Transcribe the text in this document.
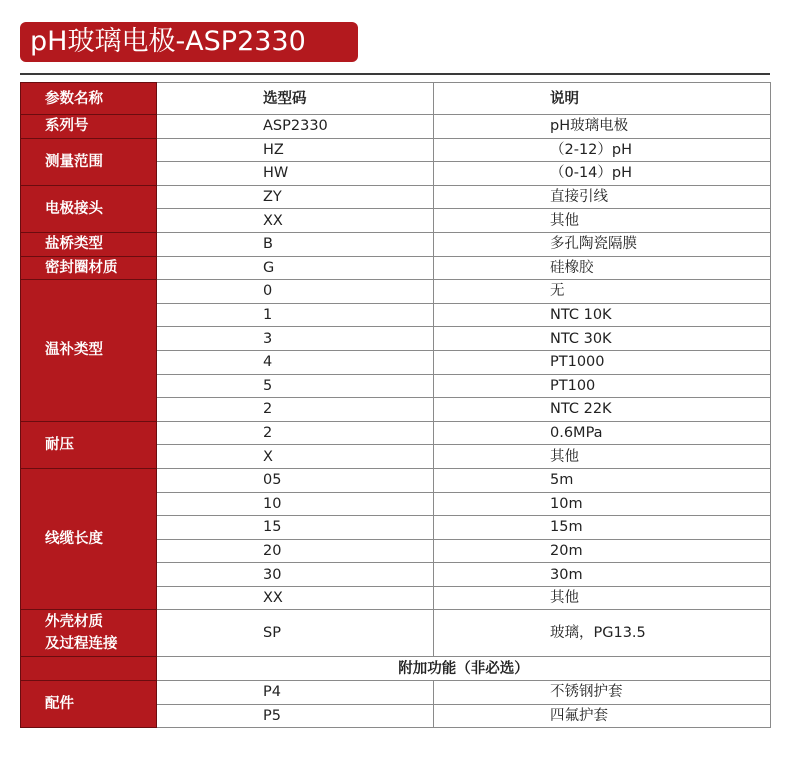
pH玻璃电极-ASP2330
参数名称	选型码	说明
系列号	ASP2330	pH玻璃电极
测量范围	HZ	（2-12）pH
	HW	（0-14）pH
电极接头	ZY	直接引线
	XX	其他
盐桥类型	B	多孔陶瓷隔膜
密封圈材质	G	硅橡胶
温补类型	0	无
	1	NTC 10K
	3	NTC 30K
	4	PT1000
	5	PT100
	2	NTC 22K
耐压	2	0.6MPa
	X	其他
线缆长度	05	5m
	10	10m
	15	15m
	20	20m
	30	30m
	XX	其他

外壳材质
及过程连接	SP	玻璃，PG13.5
	附加功能（非必选）	
配件	P4	不锈钢护套
	P5	四氟护套
